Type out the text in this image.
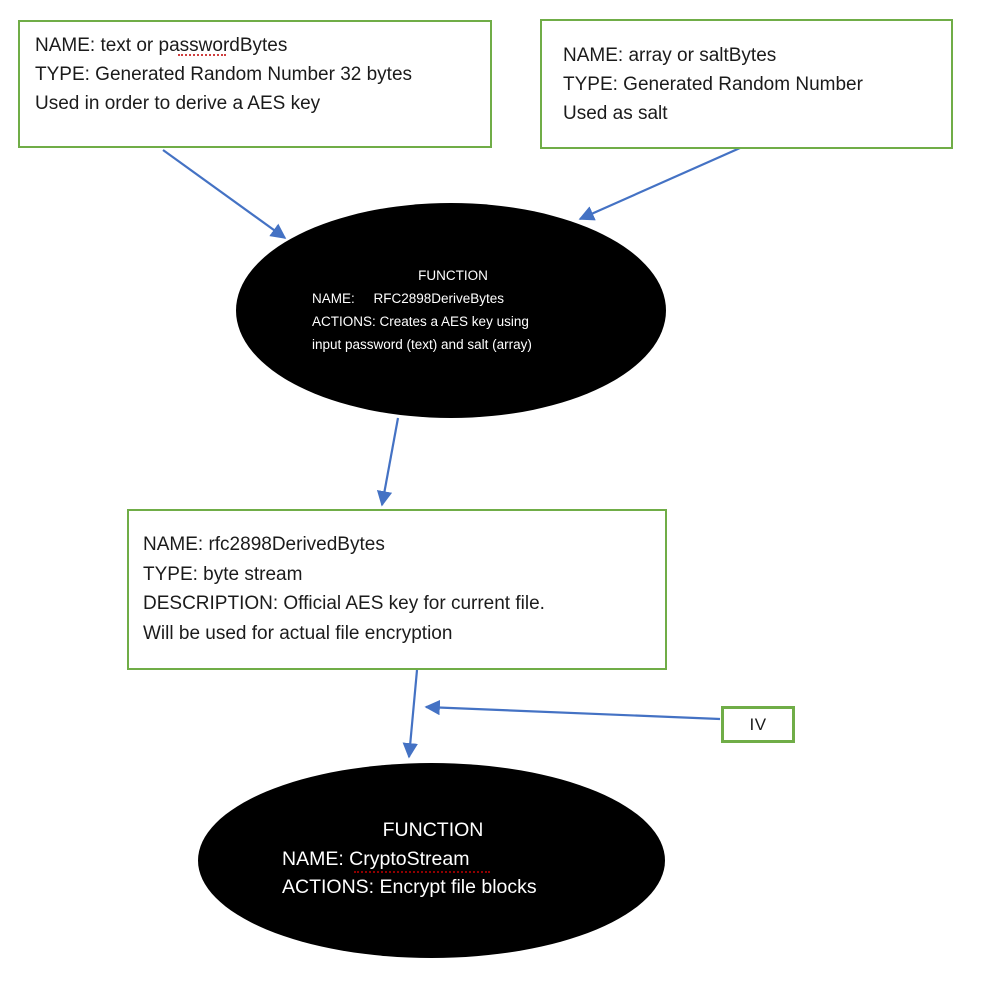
NAME: text or passwordBytes
TYPE: Generated Random Number 32 bytes
Used in order to derive a AES key
NAME: array or saltBytes
TYPE: Generated Random Number
Used as salt
FUNCTION
NAME:     RFC2898DeriveBytes
ACTIONS: Creates a AES key using
input password (text) and salt (array)
NAME: rfc2898DerivedBytes
TYPE: byte stream
DESCRIPTION: Official AES key for current file.
Will be used for actual file encryption
IV
FUNCTION
NAME: CryptoStream
ACTIONS: Encrypt file blocks
